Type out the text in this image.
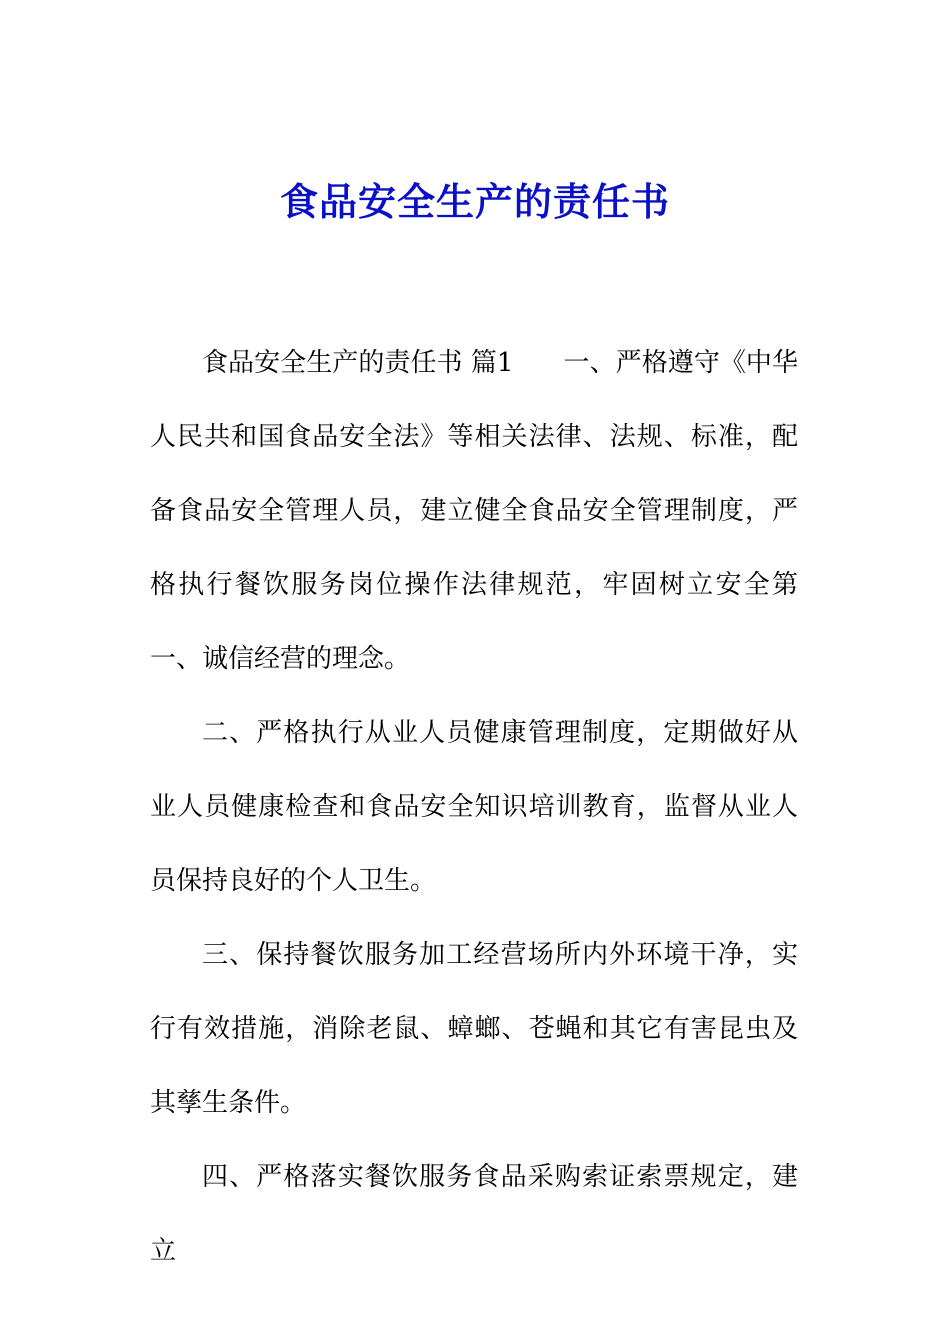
食品安全生产的责任书

食品安全生产的责任书 篇1 一、严格遵守《中华人民共和国食品安全法》等相关法律、法规、标准，配备食品安全管理人员，建立健全食品安全管理制度，严格执行餐饮服务岗位操作法律规范，牢固树立安全第一、诚信经营的理念。

二、严格执行从业人员健康管理制度，定期做好从业人员健康检查和食品安全知识培训教育，监督从业人员保持良好的个人卫生。

三、保持餐饮服务加工经营场所内外环境干净，实行有效措施，消除老鼠、蟑螂、苍蝇和其它有害昆虫及其孳生条件。

四、严格落实餐饮服务食品采购索证索票规定，建立
